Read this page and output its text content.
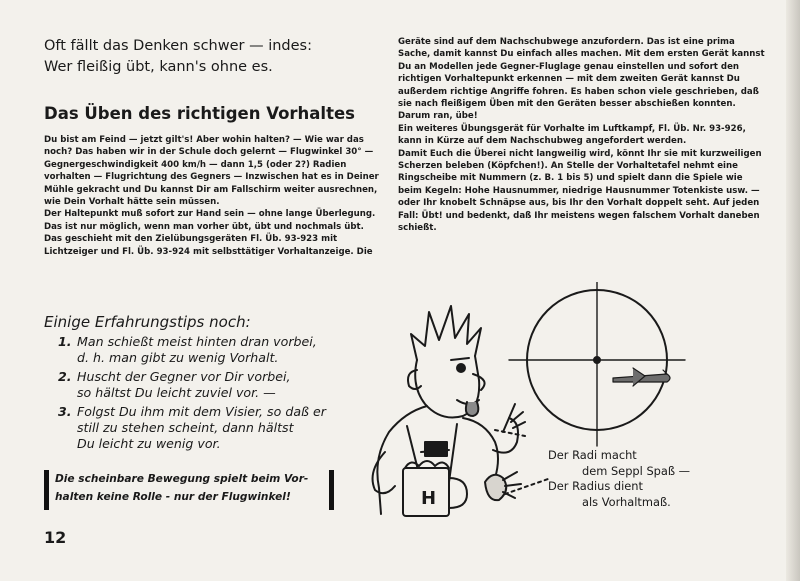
Oft fällt das Denken schwer — indes:
Wer fleißig übt, kann's ohne es.
Das Üben des richtigen Vorhaltes

Du bist am Feind — jetzt gilt's! Aber wohin halten? — Wie war das noch? Das haben wir in der Schule doch gelernt — Flugwinkel 30° — Gegnergeschwindigkeit 400 km/h — dann 1,5 (oder 2?) Radien vorhalten — Flugrichtung des Gegners — Inzwischen hat es in Deiner Mühle gekracht und Du kannst Dir am Fallschirm weiter ausrechnen, wie Dein Vorhalt hätte sein müssen.

Der Haltepunkt muß sofort zur Hand sein — ohne lange Überlegung. Das ist nur möglich, wenn man vorher übt, übt und nochmals übt.

Das geschieht mit den Zielübungsgeräten Fl. Üb. 93-923 mit Lichtzeiger und Fl. Üb. 93-924 mit selbsttätiger Vorhaltanzeige. Die

Geräte sind auf dem Nachschubwege anzufordern. Das ist eine prima Sache, damit kannst Du einfach alles machen. Mit dem ersten Gerät kannst Du an Modellen jede Gegner-Fluglage genau einstellen und sofort den richtigen Vorhaltepunkt erkennen — mit dem zweiten Gerät kannst Du außerdem richtige Angriffe fohren. Es haben schon viele geschrieben, daß sie nach fleißigem Üben mit den Geräten besser abschießen konnten. Darum ran, übe!

Ein weiteres Übungsgerät für Vorhalte im Luftkampf, Fl. Üb. Nr. 93-926, kann in Kürze auf dem Nachschubweg angefordert werden.

Damit Euch die Überei nicht langweilig wird, könnt Ihr sie mit kurzweiligen Scherzen beleben (Köpfchen!). An Stelle der Vorhaltetafel nehmt eine Ringscheibe mit Nummern (z. B. 1 bis 5) und spielt dann die Spiele wie beim Kegeln: Hohe Hausnummer, niedrige Hausnummer Totenkiste usw. — oder Ihr knobelt Schnäpse aus, bis Ihr den Vorhalt doppelt seht. Auf jeden Fall: Übt! und bedenkt, daß Ihr meistens wegen falschem Vorhalt daneben schießt.

Einige Erfahrungstips noch:
1. Man schießt meist hinten dran vorbei,
d. h. man gibt zu wenig Vorhalt.
2. Huscht der Gegner vor Dir vorbei,
so hältst Du leicht zuviel vor. —
3. Folgst Du ihm mit dem Visier, so daß er
still zu stehen scheint, dann hältst
Du leicht zu wenig vor.
Die scheinbare Bewegung spielt beim Vor-
halten keine Rolle - nur der Flugwinkel!
12
H
Der Radi macht
dem Seppl Spaß —
Der Radius dient
als Vorhaltmaß.
